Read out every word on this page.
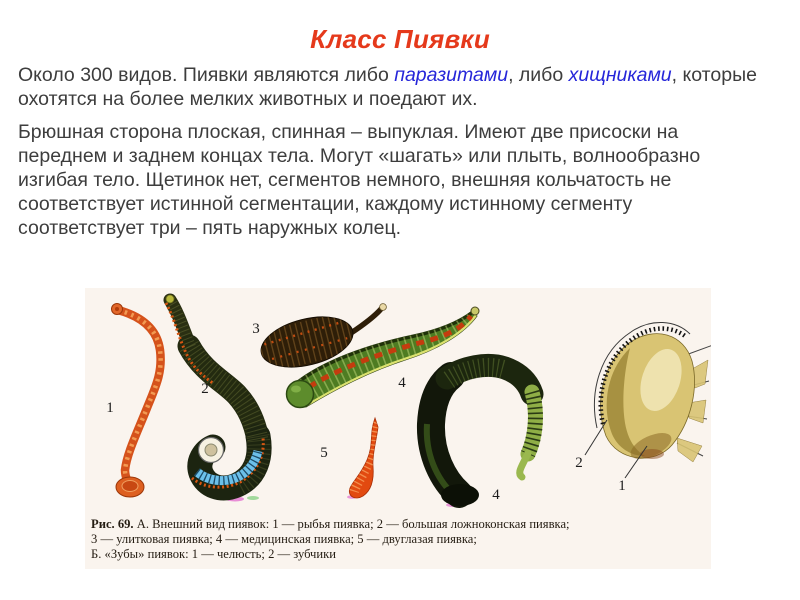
Класс Пиявки
Около 300 видов. Пиявки являются либо паразитами, либо хищниками, которые
охотятся на более мелких животных и поедают их.
Брюшная сторона плоская, спинная – выпуклая. Имеют две присоски на
переднем и заднем концах тела. Могут «шагать» или плыть, волнообразно
изгибая тело. Щетинок нет, сегментов немного, внешняя кольчатость не
соответствует истинной сегментации, каждому истинному сегменту
соответствует три – пять наружных колец.
1
2
3
4
5
4
2
1
Рис. 69. А. Внешний вид пиявок: 1 — рыбья пиявка; 2 — большая ложноконская пиявка;
3 — улитковая пиявка; 4 — медицинская пиявка; 5 — двуглазая пиявка;
Б. «Зубы» пиявок: 1 — челюсть; 2 — зубчики
